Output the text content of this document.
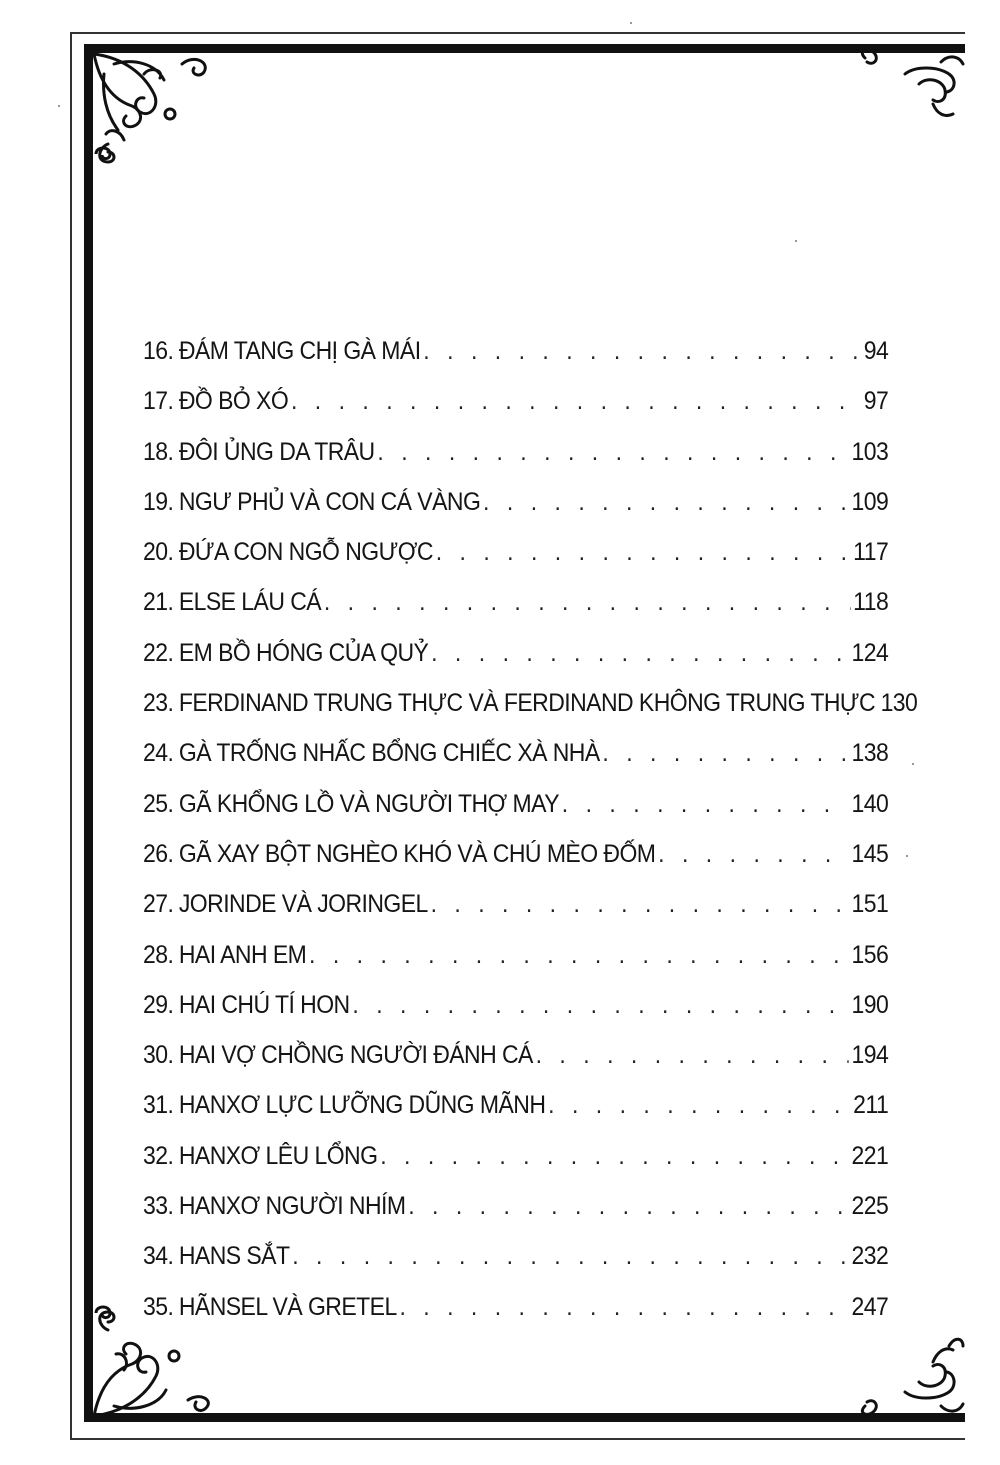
16. ĐÁM TANG CHỊ GÀ MÁI . . .	94
17. ĐỒ BỎ XÓ . . .	97
18. ĐÔI ỦNG DA TRÂU . . .	103
19. NGƯ PHỦ VÀ CON CÁ VÀNG . . .	109
20. ĐỨA CON NGỖ NGƯỢC . . .	117
21. ELSE LÁU CÁ . . .	118
22. EM BỒ HÓNG CỦA QUỶ . . .	124
23. FERDINAND TRUNG THỰC VÀ FERDINAND KHÔNG TRUNG THỰC 130
24. GÀ TRỐNG NHẤC BỔNG CHIẾC XÀ NHÀ . . .	138
25. GÃ KHỔNG LỒ VÀ NGƯỜI THỢ MAY . . .	140
26. GÃ XAY BỘT NGHÈO KHÓ VÀ CHÚ MÈO ĐỐM . . .	145
27. JORINDE VÀ JORINGEL . . .	151
28. HAI ANH EM . . .	156
29. HAI CHÚ TÍ HON . . .	190
30. HAI VỢ CHỒNG NGƯỜI ĐÁNH CÁ . . .	194
31. HANXƠ LỰC LƯỠNG DŨNG MÃNH . . .	211
32. HANXƠ LÊU LỔNG . . .	221
33. HANXƠ NGƯỜI NHÍM . . .	225
34. HANS SẮT . . .	232
35. HÃNSEL VÀ GRETEL . . .	247
